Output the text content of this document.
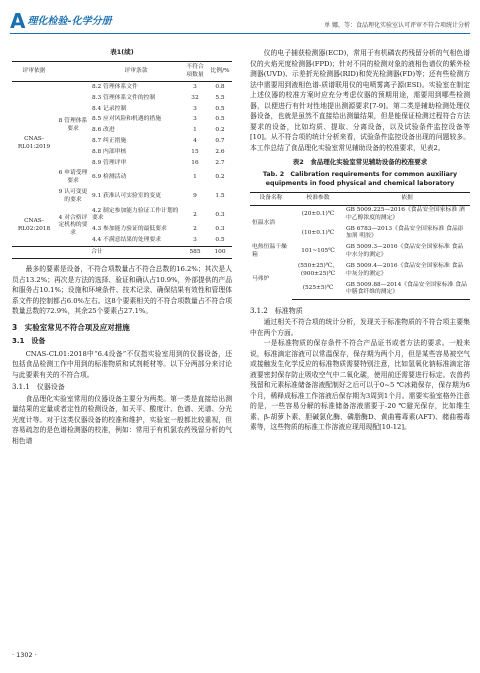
A 理化检验-化学分册	单 娜，等：食品理化实验室认可评审不符合项统计分析
表1(续)
评审依据		评审条款	不符合项数量	比例/%
CNAS-RL01:2019	8 管理体系要求	8.2 管理体系文件	3	0.8
		8.3 管理体系文件的控制	32	5.5
		8.4 记录控制	3	0.5
		8.5 应对风险和机遇的措施	3	0.5
		8.6 改进	1	0.2
		8.7 纠正措施	4	0.7
		8.8 内部审核	15	2.6
		8.9 管理评审	16	2.7
	6 申请受理要求	6.9 检测活动	1	0.2
	9 认可变更的要求	9.1 获准认可实验室的变更	9	1.5
CNAS-RL02:2018	4 对合格评定机构的要求	4.2 制定参加能力验证工作计划的要求	2	0.3
		4.3 参加能力验证的最低要求	2	0.3
		4.4 不满意结果的处理要求	3	0.5
合计			585	100

最多的要素是设备，不符合项数量占不符合总数的16.2%；其次是人员占13.2%；再次是方法的选择、验证和确认占10.9%，外部提供的产品和服务占10.1%；设施和环境条件、技术记录、确保结果有效性和管理体系文件的控制都占6.0%左右。这8个要素相关的不符合项数量占不符合项数量总数的72.9%，其余25个要素占27.1%。

3　实验室常见不符合项及应对措施
3.1　设备

CNAS-CL01:2018中“6.4设备”不仅指实验室用到的仪器设备，还包括食品检测工作中用到的标准物质和试剂耗材等。以下分两部分来讨论与此要素有关的不符合项。

3.1.1　仪器设备

食品理化实验室常用的仪器设备主要分为两类。第一类是直接给出测量结果的定量或者定性的检测设备，如天平、酸度计、色谱、光谱、分光光度计等。对于这类仪器设备的校准和维护，实验室一般都比较重视，但容易疏忽的是色谱检测器的校准，例如：常用于有机氯农药残留分析的气相色谱

仪的电子捕获检测器(ECD)，常用于有机磷农药残留分析的气相色谱仪的火焰光度检测器(FPD)；针对不同的检测对象的液相色谱仪的紫外检测器(UVD)、示差折光检测器(RID)和荧光检测器(FD)等；还有些检测方法中需要用到液相色谱-质谱联用仪的电喷雾离子源(ESI)。实验室在制定上述仪器的校准方案时应充分考虑仪器的预期用途，需要用到哪些检测器，以便进行有针对性地提出测源要求[7-9]。第二类是辅助检测处理仪器设备，也就是虽然不直接给出测量结果，但是能保证检测过程符合方法要求的设备，比如均质、提取、分离设备，以及试验条件监控设备等[10]。从不符合项的统计分析来看，试验条件监控设备出现的问题较多。本工作总结了食品理化实验室常见辅助设备的校准要求，见表2。

表2　食品理化实验室常见辅助设备的校准要求
Tab. 2　Calibration requirements for common auxiliary equipments in food physical and chemical laboratory
设备名称	校准参数	依据
恒温水浴	(20±0.1)℃	GB 5009.225—2016《食品安全国家标准 酒中乙醇浓度的测定》
	(10±0.1)℃	GB 6783—2013《食品安全国家标准 食品添加剂 明胶》
电热恒温干燥箱	101~105℃	GB 5009.3—2016《食品安全国家标准 食品中水分的测定》
马弗炉	(550±25)℃，(900±25)℃	GB 5009.4—2016《食品安全国家标准 食品中灰分的测定》
	(525±5)℃	GB 5009.88—2014《食品安全国家标准 食品中膳食纤维的测定》
3.1.2　标准物质

通过相关不符合项的统计分析，发现关于标准物质的不符合项主要集中在两个方面。

一是标准物质的保存条件不符合产品证书或者方法的要求。一般来说，标准滴定溶液可以常温保存，保存期为两个月，但是某些容易被空气或接触发生化学反应的标准物质需要特别注意，比如氢氧化钠标准滴定溶液要密封保存防止吸收空气中二氧化碳，使用前还需要进行标定。农兽药残留和元素标准储备溶液配制好之后可以于0~5 ℃冰箱保存，保存期为6个月，稀释成标准工作溶液后保存期为3周到1个月。需要实验室格外注意的是，一些容易分解的标准储备溶液需要于-20 ℃避光保存，比如维生素、β-胡萝卜素、胆碱氯化酶、磷脂酶D、黄曲霉毒素(AFT)、赭曲霉毒素等，这些物质的标准工作溶液应现用现配[10-12]。

· 1302 ·
